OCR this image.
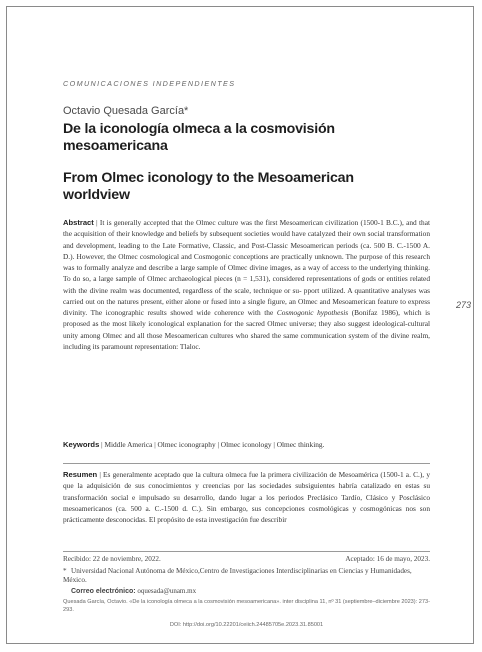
COMUNICACIONES INDEPENDIENTES
Octavio Quesada García*
De la iconología olmeca a la cosmovisión mesoamericana
From Olmec iconology to the Mesoamerican worldview
Abstract | It is generally accepted that the Olmec culture was the first Mesoamerican civilization (1500-1 B.C.), and that the acquisition of their knowledge and beliefs by subsequent societies would have catalyzed their own social transformation and development, leading to the Late Formative, Classic, and Post-Classic Mesoamerican periods (ca. 500 B. C.-1500 A. D.). However, the Olmec cosmological and Cosmogonic conceptions are practically unknown. The purpose of this research was to formally analyze and describe a large sample of Olmec divine images, as a way of access to the underlying thinking. To do so, a large sample of Olmec archaeological pieces (n = 1,531), considered representations of gods or entities related with the divine realm was documented, regardless of the scale, technique or su- pport utilized. A quantitative analyses was carried out on the natures present, either alone or fused into a single figure, an Olmec and Mesoamerican feature to express divinity. The iconographic results showed wide coherence with the Cosmogonic hypothesis (Bonifaz 1986), which is proposed as the most likely iconological explanation for the sacred Olmec universe; they also suggest ideological-cultural unity among Olmec and all those Mesoamerican cultures who shared the same communication system of the divine realm, including its paramount representation: Tlaloc.
Keywords | Middle America | Olmec iconography | Olmec iconology | Olmec thinking.
Resumen | Es generalmente aceptado que la cultura olmeca fue la primera civilización de Mesoamérica (1500-1 a. C.), y que la adquisición de sus conocimientos y creencias por las sociedades subsiguientes habría catalizado en estas su transformación social e impulsado su desarrollo, dando lugar a los periodos Preclásico Tardío, Clásico y Posclásico mesoamericanos (ca. 500 a. C.-1500 d. C.). Sin embargo, sus concepciones cosmológicas y cosmogónicas nos son prácticamente desconocidas. El propósito de esta investigación fue describir
273
Recibido: 22 de noviembre, 2022.	Aceptado: 16 de mayo, 2023.
* Universidad Nacional Autónoma de México,Centro de Investigaciones Interdisciplinarias en Ciencias y Humanidades, México.
Correo electrónico: oquesada@unam.mx
Quesada García, Octavio. «De la iconología olmeca a la cosmovisión mesoamericana». inter disciplina 11, nº 31 (septiembre–diciembre 2023): 273-293.
DOI: http://doi.org/10.22201/ceiich.24485705e.2023.31.85001
